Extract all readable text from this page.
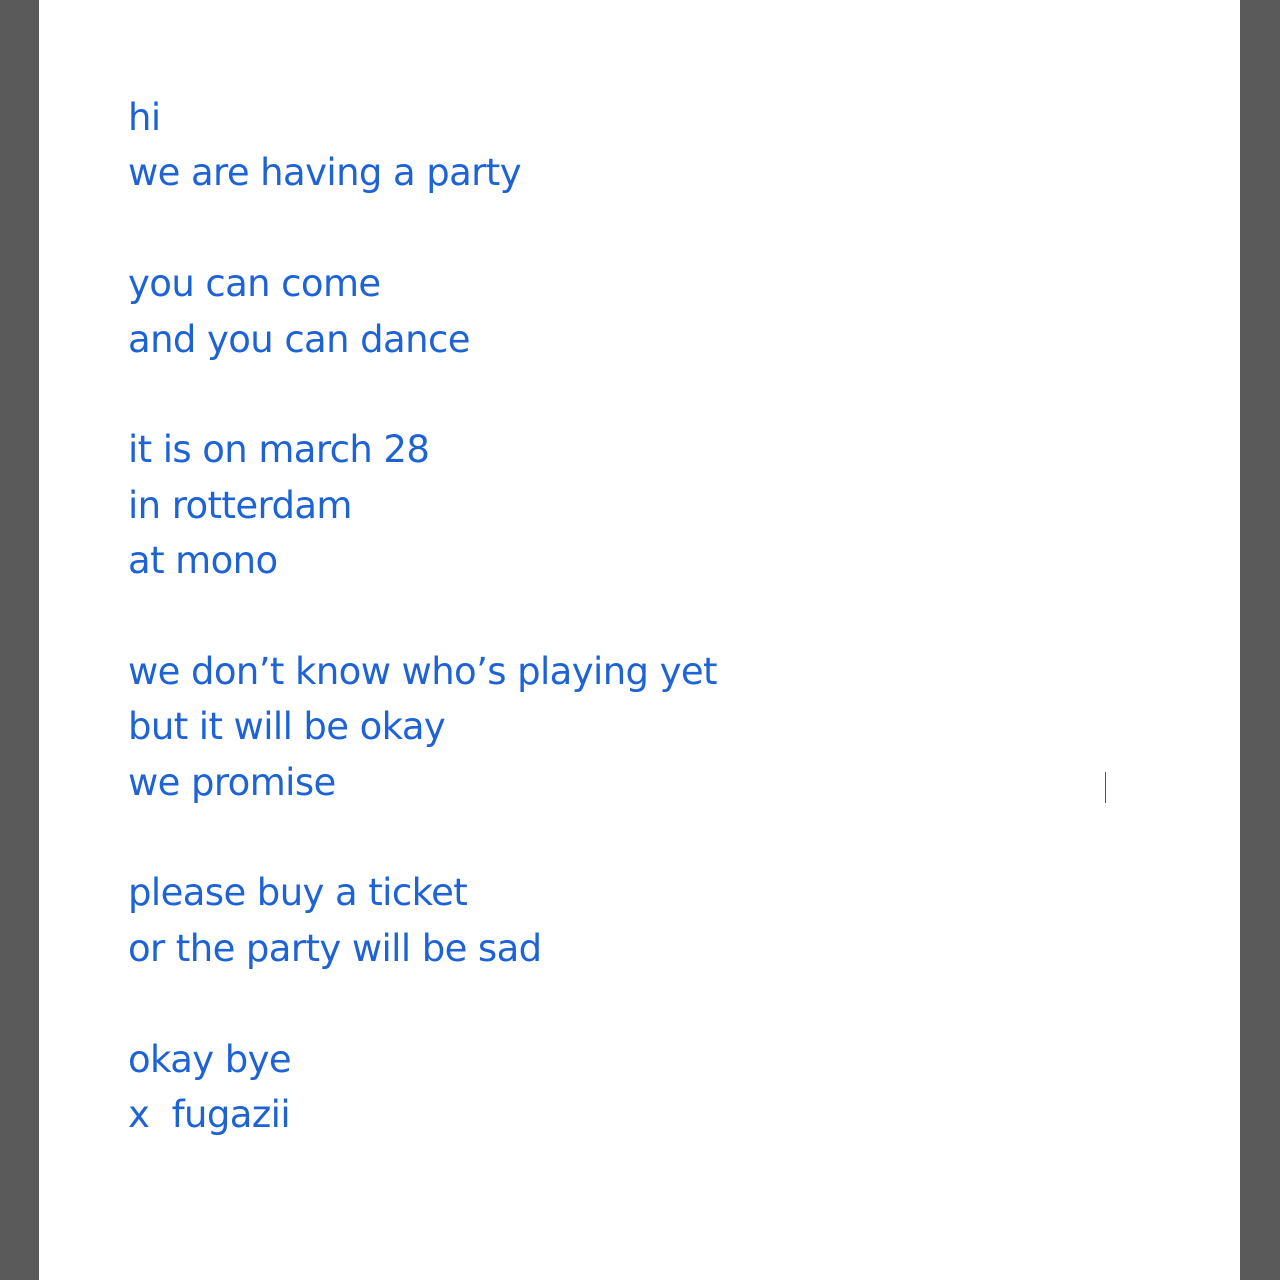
hi
we are having a party
you can come
and you can dance
it is on march 28
in rotterdam
at mono
we don’t know who’s playing yet
but it will be okay
we promise
please buy a ticket
or the party will be sad
okay bye
x  fugazii
